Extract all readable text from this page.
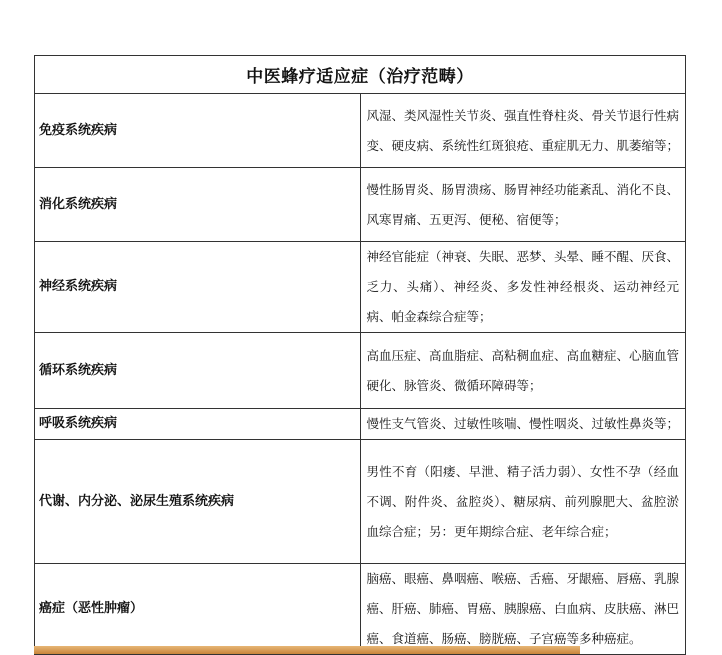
中医蜂疗适应症（治疗范畴）	
免疫系统疾病	风湿、类风湿性关节炎、强直性脊柱炎、骨关节退行性病变、硬皮病、系统性红斑狼疮、重症肌无力、肌萎缩等；
消化系统疾病	慢性肠胃炎、肠胃溃疡、肠胃神经功能紊乱、消化不良、风寒胃痛、五更泻、便秘、宿便等；
神经系统疾病	神经官能症（神衰、失眠、恶梦、头晕、睡不醒、厌食、乏力、头痛）、神经炎、多发性神经根炎、运动神经元病、帕金森综合症等；
循环系统疾病	高血压症、高血脂症、高粘稠血症、高血糖症、心脑血管硬化、脉管炎、微循环障碍等；
呼吸系统疾病	慢性支气管炎、过敏性咳喘、慢性咽炎、过敏性鼻炎等；
代谢、内分泌、泌尿生殖系统疾病	男性不育（阳痿、早泄、精子活力弱）、女性不孕（经血不调、附件炎、盆腔炎）、糖尿病、前列腺肥大、盆腔淤血综合症；另：更年期综合症、老年综合症；
癌症（恶性肿瘤）	脑癌、眼癌、鼻咽癌、喉癌、舌癌、牙龈癌、唇癌、乳腺癌、肝癌、肺癌、胃癌、胰腺癌、白血病、皮肤癌、淋巴癌、食道癌、肠癌、膀胱癌、子宫癌等多种癌症。
